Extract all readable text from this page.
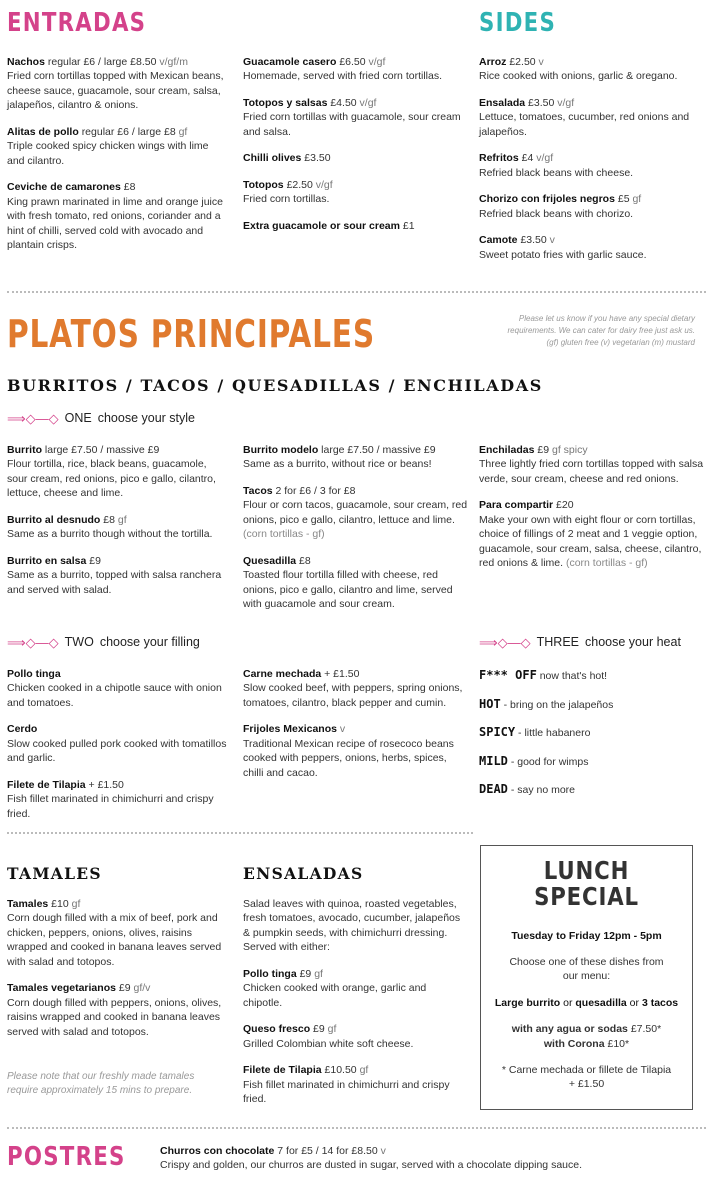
ENTRADAS
Nachos regular £6 / large £8.50 v/gf/m
Fried corn tortillas topped with Mexican beans, cheese sauce, guacamole, sour cream, salsa, jalapeños, cilantro & onions.
Alitas de pollo regular £6 / large £8 gf
Triple cooked spicy chicken wings with lime and cilantro.
Ceviche de camarones £8
King prawn marinated in lime and orange juice with fresh tomato, red onions, coriander and a hint of chilli, served cold with avocado and plantain crisps.
Guacamole casero £6.50 v/gf
Homemade, served with fried corn tortillas.
Totopos y salsas £4.50 v/gf
Fried corn tortillas with guacamole, sour cream and salsa.
Chilli olives £3.50
Totopos £2.50 v/gf
Fried corn tortillas.
Extra guacamole or sour cream £1
SIDES
Arroz £2.50 v
Rice cooked with onions, garlic & oregano.
Ensalada £3.50 v/gf
Lettuce, tomatoes, cucumber, red onions and jalapeños.
Refritos £4 v/gf
Refried black beans with cheese.
Chorizo con frijoles negros £5 gf
Refried black beans with chorizo.
Camote £3.50 v
Sweet potato fries with garlic sauce.
PLATOS PRINCIPALES	Please let us know if you have any special dietary requirements. We can cater for dairy free just ask us. (gf) gluten free (v) vegetarian (m) mustard
BURRITOS / TACOS / QUESADILLAS / ENCHILADAS
⟹◇—◇ ONE choose your style
Burrito large £7.50 / massive £9
Flour tortilla, rice, black beans, guacamole, sour cream, red onions, pico e gallo, cilantro, lettuce, cheese and lime.
Burrito al desnudo £8 gf
Same as a burrito though without the tortilla.
Burrito en salsa £9
Same as a burrito, topped with salsa ranchera and served with salad.
Burrito modelo large £7.50 / massive £9
Same as a burrito, without rice or beans!
Tacos 2 for £6 / 3 for £8
Flour or corn tacos, guacamole, sour cream, red onions, pico e gallo, cilantro, lettuce and lime. (corn tortillas - gf)
Quesadilla £8
Toasted flour tortilla filled with cheese, red onions, pico e gallo, cilantro and lime, served with guacamole and sour cream.
Enchiladas £9 gf spicy
Three lightly fried corn tortillas topped with salsa verde, sour cream, cheese and red onions.
Para compartir £20
Make your own with eight flour or corn tortillas, choice of fillings of 2 meat and 1 veggie option, guacamole, sour cream, salsa, cheese, cilantro, red onions & lime. (corn tortillas - gf)
⟹◇—◇ TWO choose your filling	⟹◇—◇ THREE choose your heat
Pollo tinga
Chicken cooked in a chipotle sauce with onion and tomatoes.
Cerdo
Slow cooked pulled pork cooked with tomatillos and garlic.
Filete de Tilapia + £1.50
Fish fillet marinated in chimichurri and crispy fried.
Carne mechada + £1.50
Slow cooked beef, with peppers, spring onions, tomatoes, cilantro, black pepper and cumin.
Frijoles Mexicanos v
Traditional Mexican recipe of rosecoco beans cooked with peppers, onions, herbs, spices, chilli and cacao.
F*** OFF now that's hot!
HOT - bring on the jalapeños
SPICY - little habanero
MILD - good for wimps
DEAD - say no more
TAMALES
Tamales £10 gf
Corn dough filled with a mix of beef, pork and chicken, peppers, onions, olives, raisins wrapped and cooked in banana leaves served with salad and totopos.
Tamales vegetarianos £9 gf/v
Corn dough filled with peppers, onions, olives, raisins wrapped and cooked in banana leaves served with salad and totopos.
Please note that our freshly made tamales require approximately 15 mins to prepare.
ENSALADAS
Salad leaves with quinoa, roasted vegetables, fresh tomatoes, avocado, cucumber, jalapeños & pumpkin seeds, with chimichurri dressing. Served with either:
Pollo tinga £9 gf
Chicken cooked with orange, garlic and chipotle.
Queso fresco £9 gf
Grilled Colombian white soft cheese.
Filete de Tilapia £10.50 gf
Fish fillet marinated in chimichurri and crispy fried.
LUNCH
SPECIAL
Tuesday to Friday 12pm - 5pm
Choose one of these dishes from our menu:
Large burrito or quesadilla or 3 tacos
with any agua or sodas £7.50*
with Corona £10*
* Carne mechada or fillete de Tilapia + £1.50
POSTRES	Churros con chocolate 7 for £5 / 14 for £8.50 v
Crispy and golden, our churros are dusted in sugar, served with a chocolate dipping sauce.
